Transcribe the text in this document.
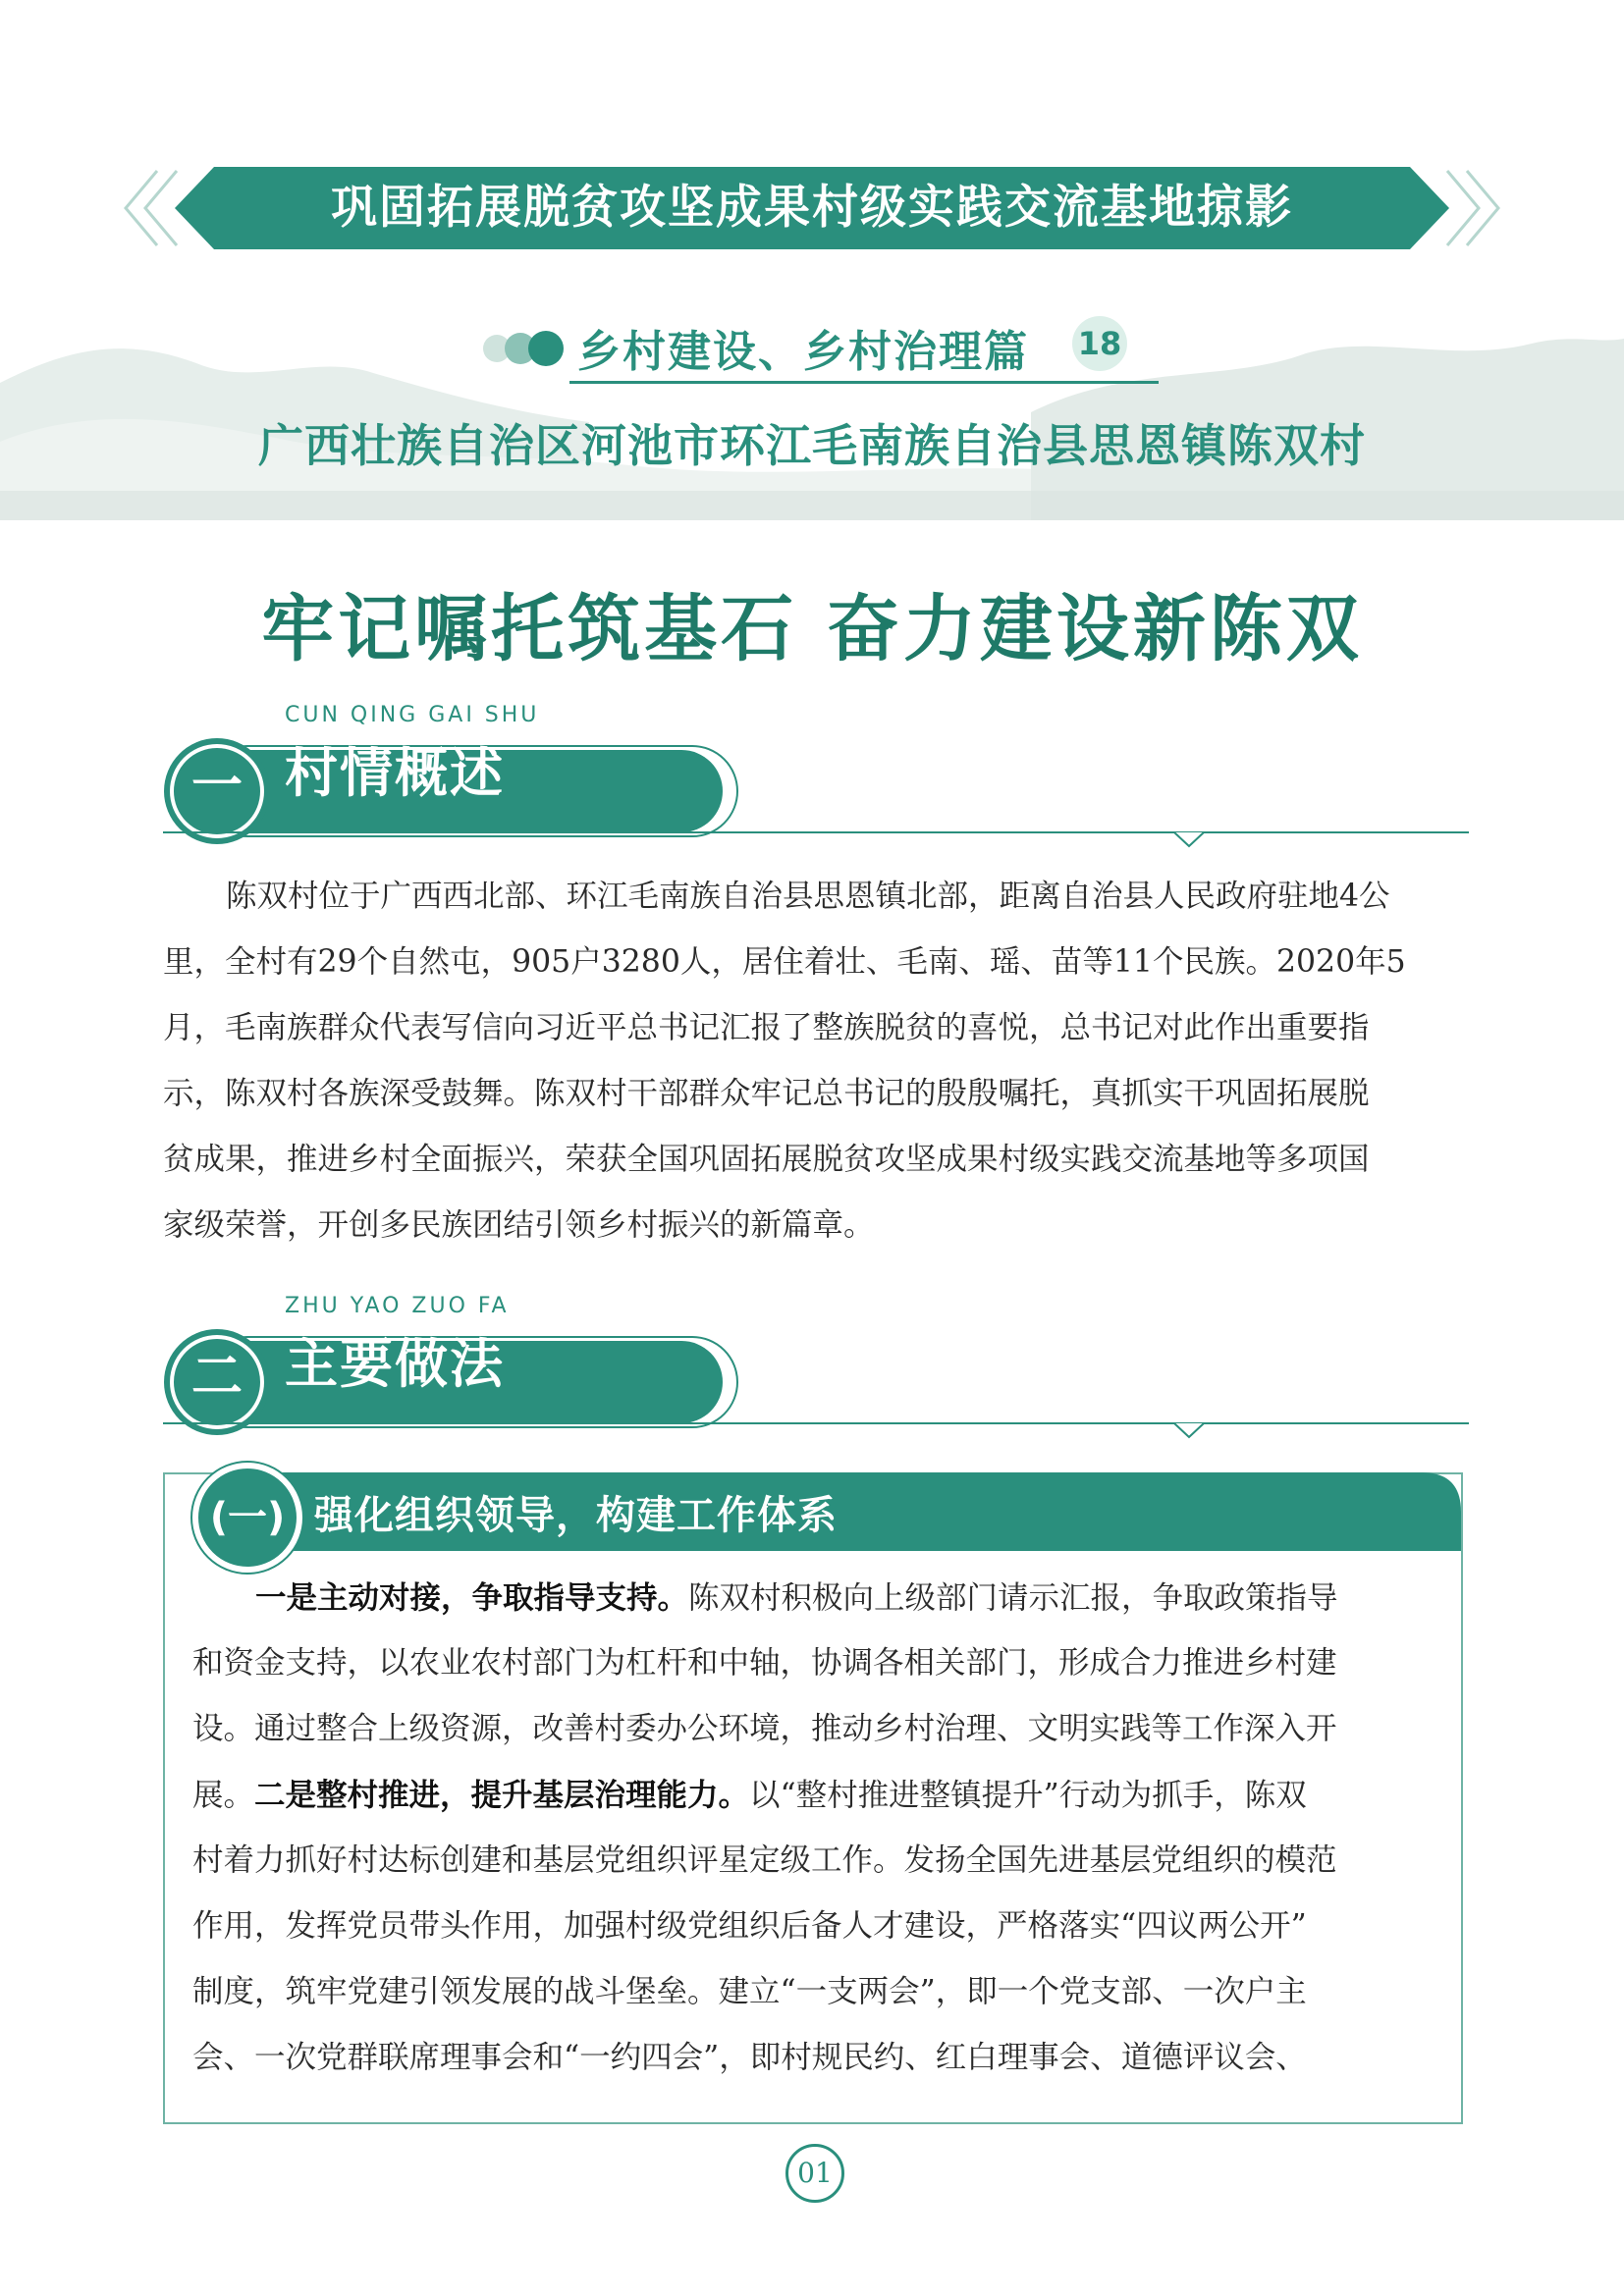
巩固拓展脱贫攻坚成果村级实践交流基地掠影
乡村建设、乡村治理篇 18
广西壮族自治区河池市环江毛南族自治县思恩镇陈双村
牢记嘱托筑基石 奋力建设新陈双
CUN QING GAI SHU
一 村情概述
陈双村位于广西西北部、环江毛南族自治县思恩镇北部，距离自治县人民政府驻地4公
里，全村有29个自然屯，905户3280人，居住着壮、毛南、瑶、苗等11个民族。2020年5
月，毛南族群众代表写信向习近平总书记汇报了整族脱贫的喜悦，总书记对此作出重要指
示，陈双村各族深受鼓舞。陈双村干部群众牢记总书记的殷殷嘱托，真抓实干巩固拓展脱
贫成果，推进乡村全面振兴，荣获全国巩固拓展脱贫攻坚成果村级实践交流基地等多项国
家级荣誉，开创多民族团结引领乡村振兴的新篇章。
ZHU YAO ZUO FA
二 主要做法
(一) 强化组织领导，构建工作体系
一是主动对接，争取指导支持。陈双村积极向上级部门请示汇报，争取政策指导
和资金支持，以农业农村部门为杠杆和中轴，协调各相关部门，形成合力推进乡村建
设。通过整合上级资源，改善村委办公环境，推动乡村治理、文明实践等工作深入开
展。二是整村推进，提升基层治理能力。以“整村推进整镇提升”行动为抓手，陈双
村着力抓好村达标创建和基层党组织评星定级工作。发扬全国先进基层党组织的模范
作用，发挥党员带头作用，加强村级党组织后备人才建设，严格落实“四议两公开”
制度，筑牢党建引领发展的战斗堡垒。建立“一支两会”，即一个党支部、一次户主
会、一次党群联席理事会和“一约四会”，即村规民约、红白理事会、道德评议会、
01
